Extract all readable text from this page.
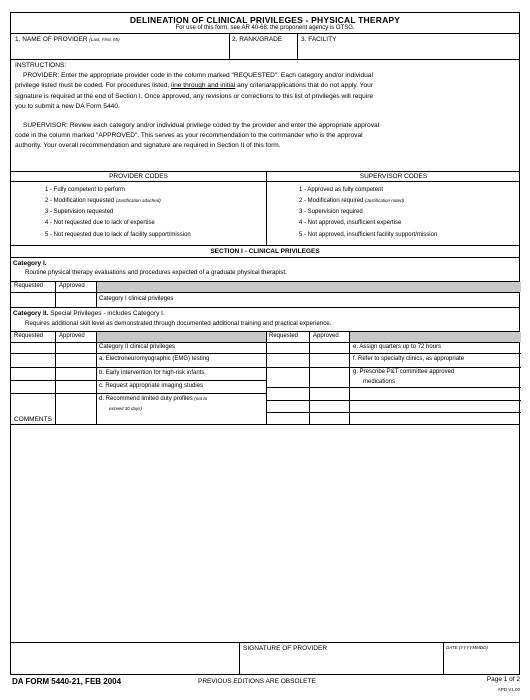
DELINEATION OF CLINICAL PRIVILEGES - PHYSICAL THERAPY
For use of this form, see AR 40-68; the proponent agency is OTSG.
1. NAME OF PROVIDER (Last, First, MI)	2. RANK/GRADE	3. FACILITY
INSTRUCTIONS:
PROVIDER: Enter the appropriate provider code in the column marked "REQUESTED". Each category and/or individual
privilege listed must be coded. For procedures listed, line through and initial any criteria/applications that do not apply. Your
signature is required at the end of Section I. Once approved, any revisions or corrections to this list of privileges will require
you to submit a new DA Form 5440.
SUPERVISOR: Review each category and/or individual privilege coded by the provider and enter the appropriate approval
code in the column marked "APPROVED". This serves as your recommendation to the commander who is the approval
authority. Your overall recommendation and signature are required in Section II of this form.
PROVIDER CODES	SUPERVISOR CODES
1 - Fully competent to perform
2 - Modification requested (Justification attached)
3 - Supervision requested
4 - Not requested due to lack of expertise
5 - Not requested due to lack of facility support/mission
1 - Approved as fully competent
2 - Modification required (Justification noted)
3 - Supervision required
4 - Not approved, insufficient expertise
5 - Not approved, insufficient facility support/mission
SECTION I - CLINICAL PRIVILEGES
Category I.
Routine physical therapy evaluations and procedures expected of a graduate physical therapist.
Requested	Approved
Category I clinical privileges
Category II. Special Privileges - includes Category I.
Requires additional skill level as demonstrated through documented additional training and practical experience.
Requested	Approved	Requested Approved
Category II clinical privileges
a. Electroneuromyographic (EMG) testing
b. Early intervention for high-risk infants
c. Request appropriate imaging studies
d. Recommend limited duty profiles (not to
exceed 30 days)
e. Assign quarters up to 72 hours
f. Refer to specialty clinics, as appropriate
g. Prescribe P&T committee approved
medications
COMMENTS
SIGNATURE OF PROVIDER	DATE (YYYYMMDD)
DA FORM 5440-21, FEB 2004	PREVIOUS EDITIONS ARE OBSOLETE	Page 1 of 2
APD V1.00
